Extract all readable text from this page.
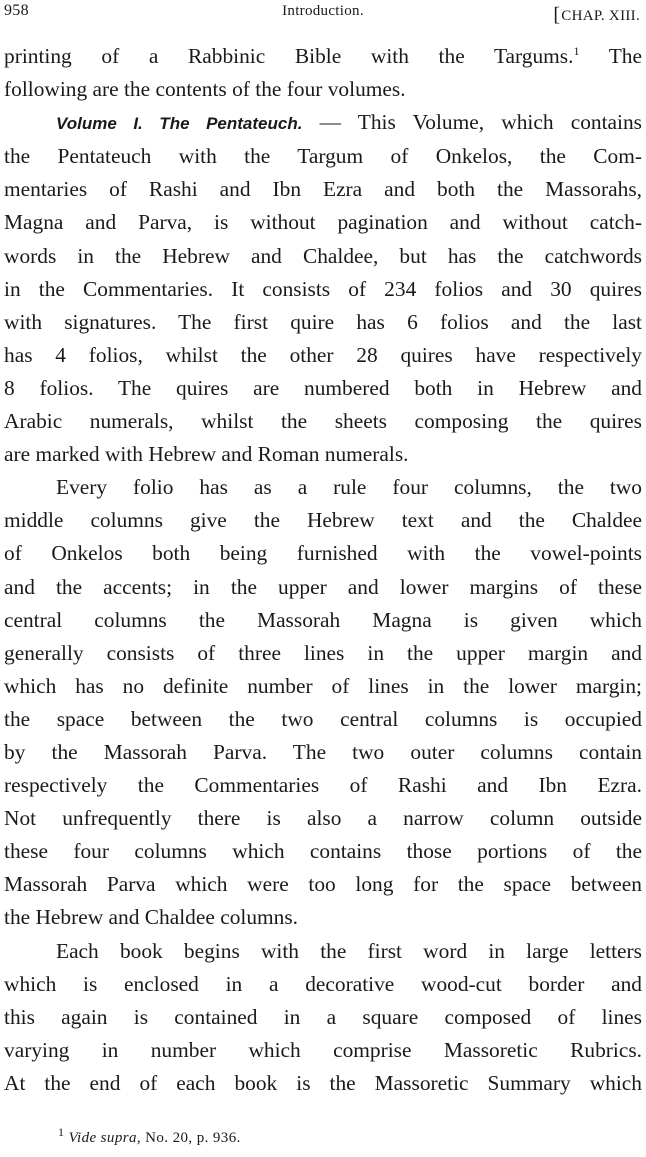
958	Introduction.	[CHAP. XIII.

printing of a Rabbinic Bible with the Targums.$^1$ The
following are the contents of the four volumes.

Volume I. The Pentateuch. — This Volume, which contains
the Pentateuch with the Targum of Onkelos, the Com-
mentaries of Rashi and Ibn Ezra and both the Massorahs,
Magna and Parva, is without pagination and without catch-
words in the Hebrew and Chaldee, but has the catchwords
in the Commentaries. It consists of 234 folios and 30 quires
with signatures. The first quire has 6 folios and the last
has 4 folios, whilst the other 28 quires have respectively
8 folios. The quires are numbered both in Hebrew and
Arabic numerals, whilst the sheets composing the quires
are marked with Hebrew and Roman numerals.

Every folio has as a rule four columns, the two
middle columns give the Hebrew text and the Chaldee
of Onkelos both being furnished with the vowel-points
and the accents; in the upper and lower margins of these
central columns the Massorah Magna is given which
generally consists of three lines in the upper margin and
which has no definite number of lines in the lower margin;
the space between the two central columns is occupied
by the Massorah Parva. The two outer columns contain
respectively the Commentaries of Rashi and Ibn Ezra.
Not unfrequently there is also a narrow column outside
these four columns which contains those portions of the
Massorah Parva which were too long for the space between
the Hebrew and Chaldee columns.

Each book begins with the first word in large letters
which is enclosed in a decorative wood-cut border and
this again is contained in a square composed of lines
varying in number which comprise Massoretic Rubrics.
At the end of each book is the Massoretic Summary which

$^1$ Vide supra, No. 20, p. 936.
